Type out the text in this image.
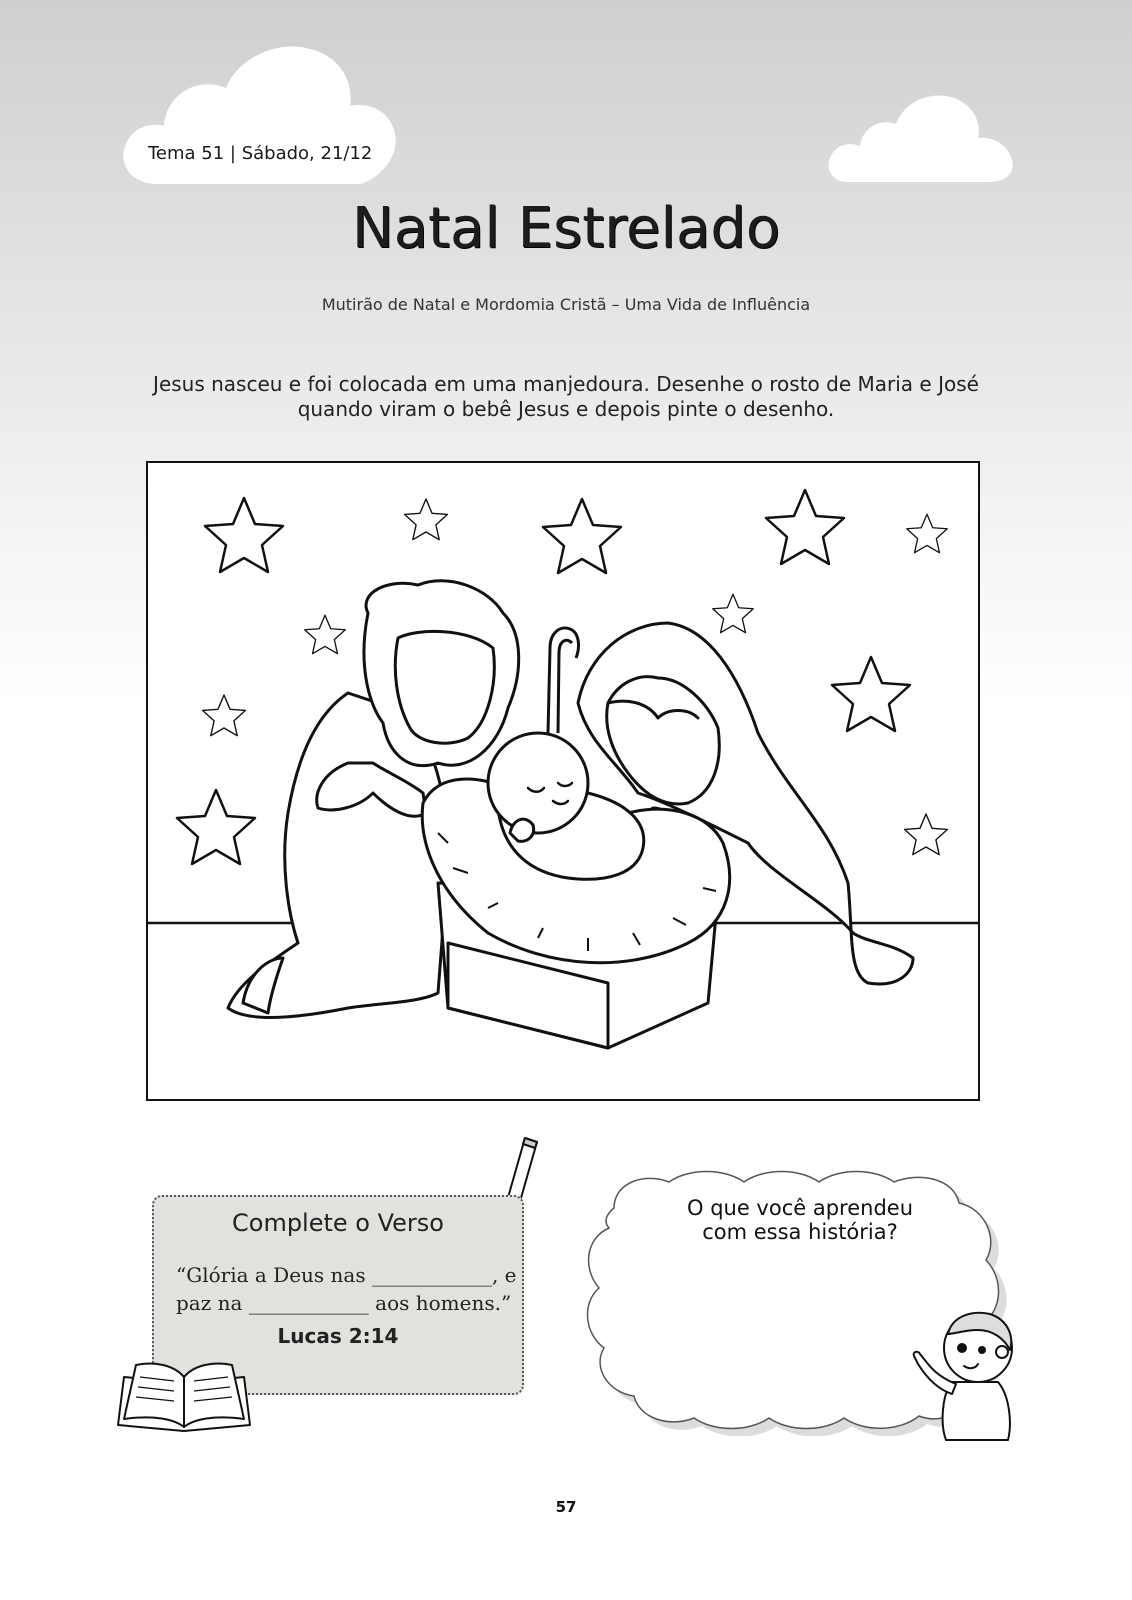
Tema 51 | Sábado, 21/12
Natal Estrelado
Mutirão de Natal e Mordomia Cristã – Uma Vida de Influência
Jesus nasceu e foi colocada em uma manjedoura. Desenhe o rosto de Maria e José
quando viram o bebê Jesus e depois pinte o desenho.
Complete o Verso
“Glória a Deus nas ____________, e
paz na ____________ aos homens.”
Lucas 2:14
O que você aprendeu
com essa história?
57
